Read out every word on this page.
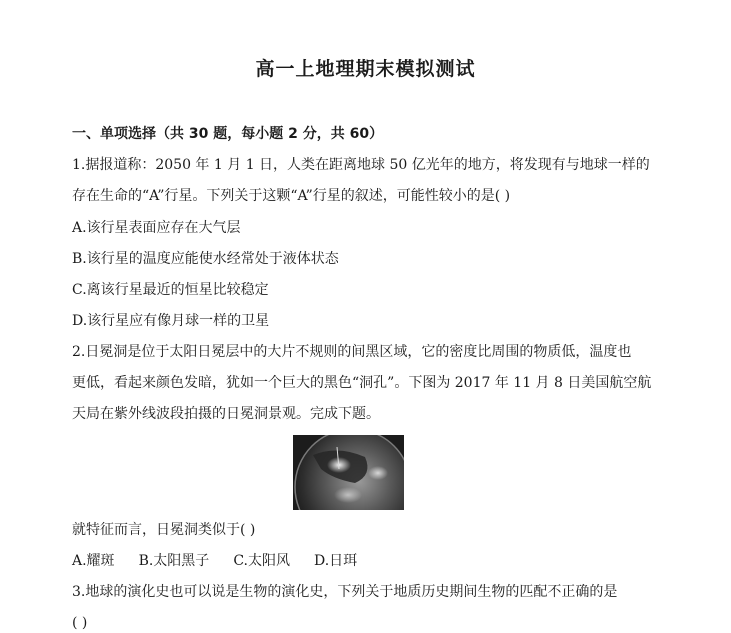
高一上地理期末模拟测试
一、单项选择（共 30 题，每小题 2 分，共 60）
1.据报道称：2050 年 1 月 1 日，人类在距离地球 50 亿光年的地方，将发现有与地球一样的
存在生命的“A”行星。下列关于这颗“A”行星的叙述，可能性较小的是( )
A.该行星表面应存在大气层
B.该行星的温度应能使水经常处于液体状态
C.离该行星最近的恒星比较稳定
D.该行星应有像月球一样的卫星
2.日冕洞是位于太阳日冕层中的大片不规则的间黑区域，它的密度比周围的物质低，温度也
更低，看起来颜色发暗，犹如一个巨大的黑色“洞孔”。下图为 2017 年 11 月 8 日美国航空航
天局在紫外线波段拍摄的日冕洞景观。完成下题。
就特征而言，日冕洞类似于( )
A.耀斑 B.太阳黑子 C.太阳风 D.日珥
3.地球的演化史也可以说是生物的演化史，下列关于地质历史期间生物的匹配不正确的是
( )
